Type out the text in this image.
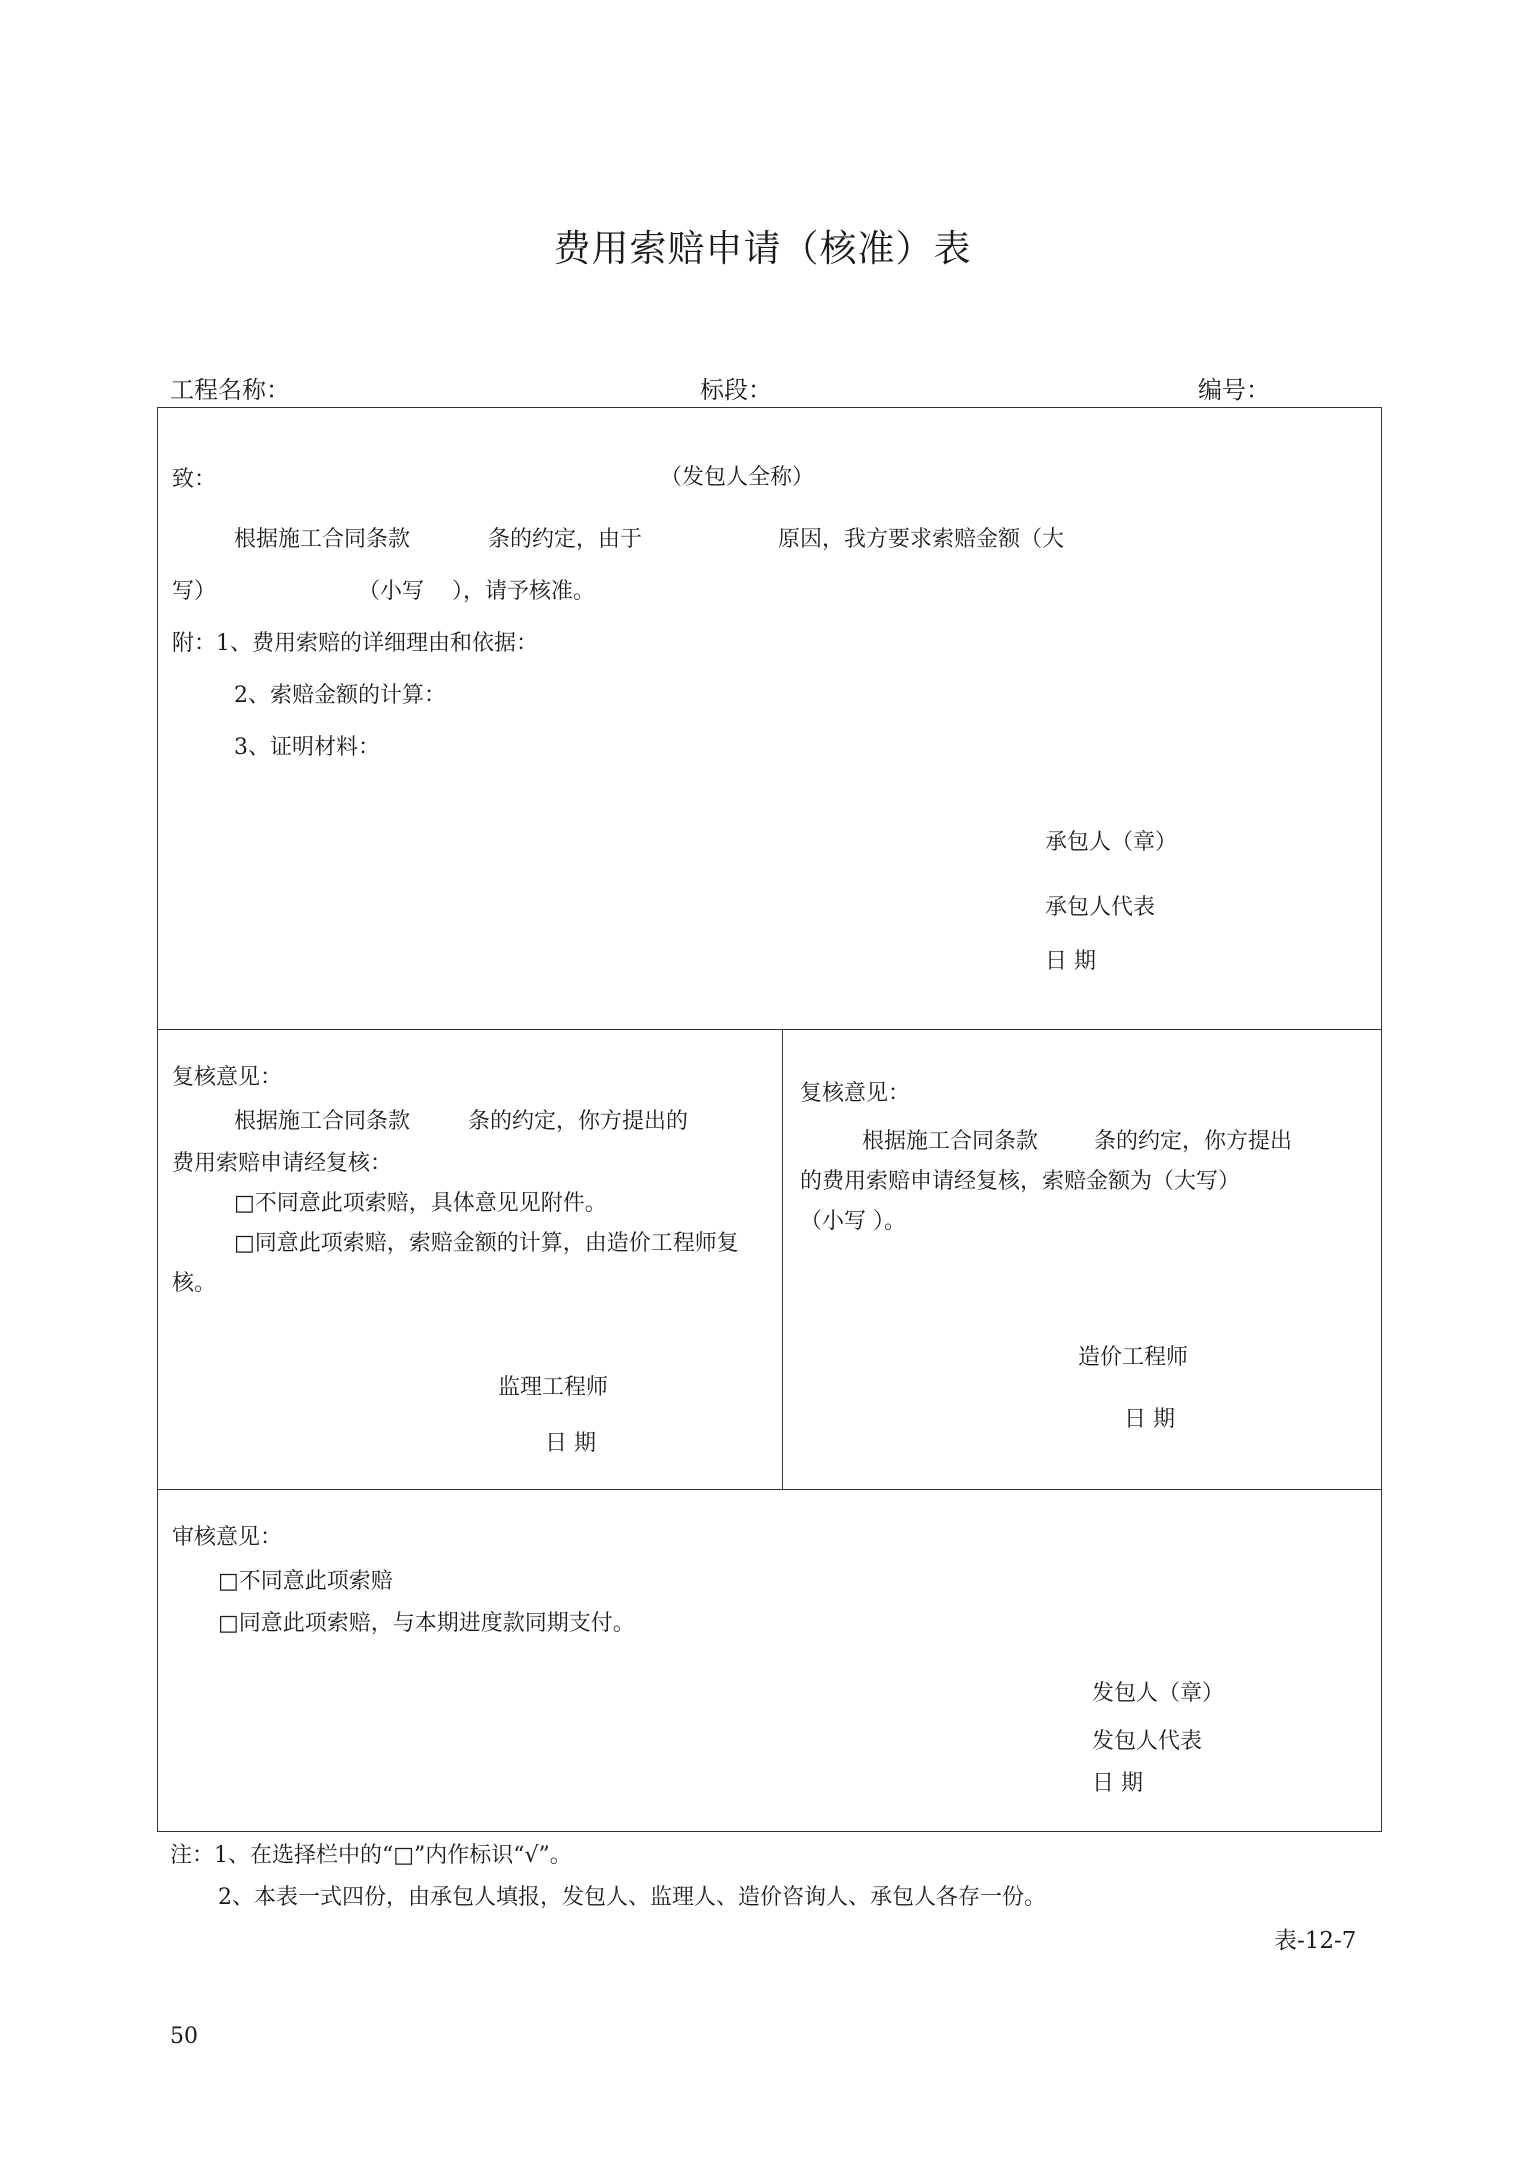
费用索赔申请（核准）表
工程名称：	标段：	编号：
致：	（发包人全称）
根据施工合同条款	条的约定，由于	原因，我方要求索赔金额（大
写）	（小写 ），请予核准。
附：1、费用索赔的详细理由和依据：
2、索赔金额的计算：
3、证明材料：
承包人（章）
承包人代表
日 期
复核意见：
根据施工合同条款	条的约定，你方提出的
费用索赔申请经复核：
□不同意此项索赔，具体意见见附件。
□同意此项索赔，索赔金额的计算，由造价工程师复
核。
监理工程师
日 期
复核意见：
根据施工合同条款	条的约定，你方提出
的费用索赔申请经复核，索赔金额为（大写）
（小写 ）。
造价工程师
日 期
审核意见：
□不同意此项索赔
□同意此项索赔，与本期进度款同期支付。
发包人（章）
发包人代表
日 期
注：1、在选择栏中的“□”内作标识“√”。
2、本表一式四份，由承包人填报，发包人、监理人、造价咨询人、承包人各存一份。
表-12-7
50
